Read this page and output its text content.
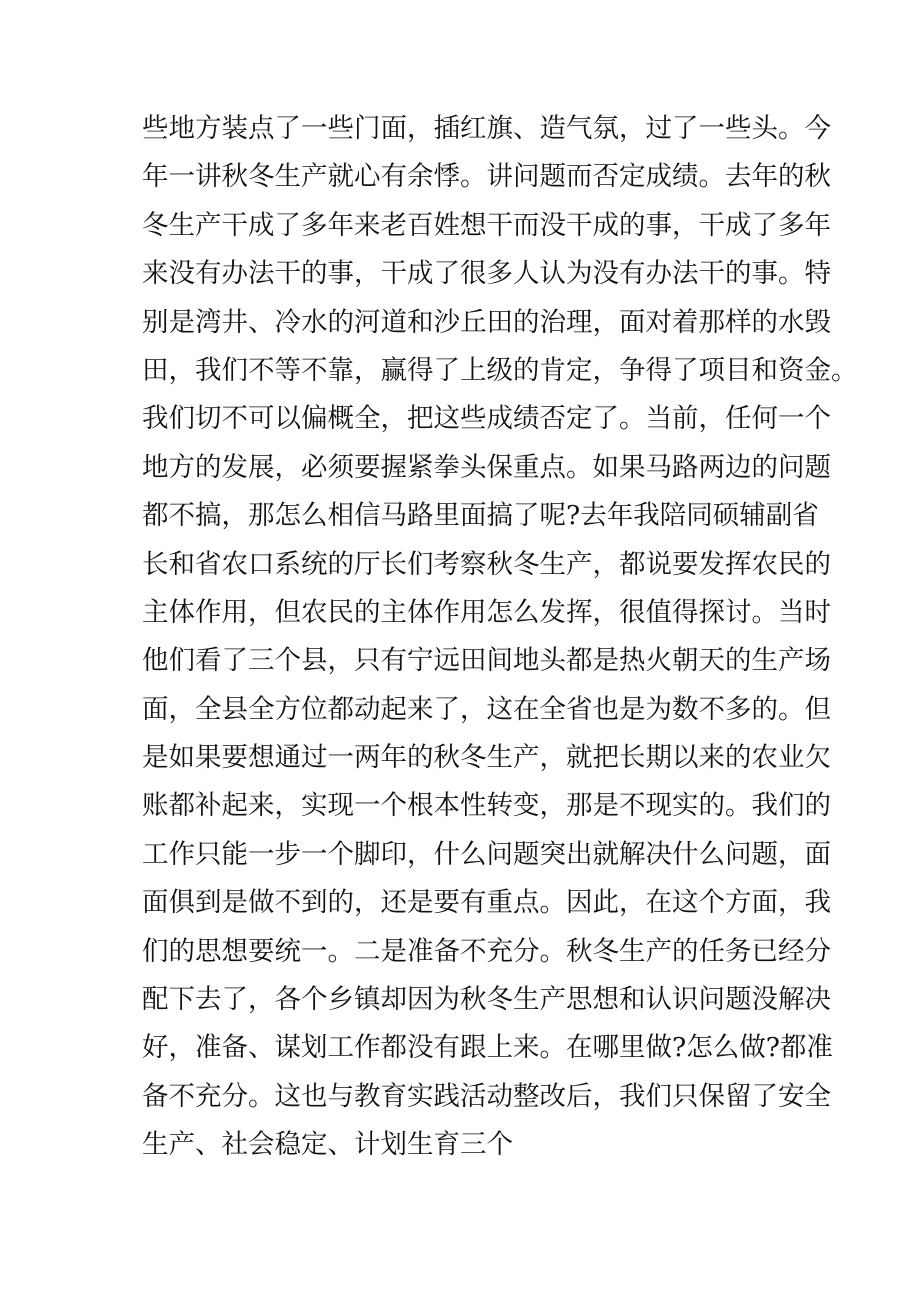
些地方装点了一些门面，插红旗、造气氛，过了一些头。今
年一讲秋冬生产就心有余悸。讲问题而否定成绩。去年的秋
冬生产干成了多年来老百姓想干而没干成的事，干成了多年
来没有办法干的事，干成了很多人认为没有办法干的事。特
别是湾井、冷水的河道和沙丘田的治理，面对着那样的水毁
田，我们不等不靠，赢得了上级的肯定，争得了项目和资金。
我们切不可以偏概全，把这些成绩否定了。当前，任何一个
地方的发展，必须要握紧拳头保重点。如果马路两边的问题
都不搞，那怎么相信马路里面搞了呢?去年我陪同硕辅副省
长和省农口系统的厅长们考察秋冬生产，都说要发挥农民的
主体作用，但农民的主体作用怎么发挥，很值得探讨。当时
他们看了三个县，只有宁远田间地头都是热火朝天的生产场
面，全县全方位都动起来了，这在全省也是为数不多的。但
是如果要想通过一两年的秋冬生产，就把长期以来的农业欠
账都补起来，实现一个根本性转变，那是不现实的。我们的
工作只能一步一个脚印，什么问题突出就解决什么问题，面
面俱到是做不到的，还是要有重点。因此，在这个方面，我
们的思想要统一。二是准备不充分。秋冬生产的任务已经分
配下去了，各个乡镇却因为秋冬生产思想和认识问题没解决
好，准备、谋划工作都没有跟上来。在哪里做?怎么做?都准
备不充分。这也与教育实践活动整改后，我们只保留了安全
生产、社会稳定、计划生育三个
